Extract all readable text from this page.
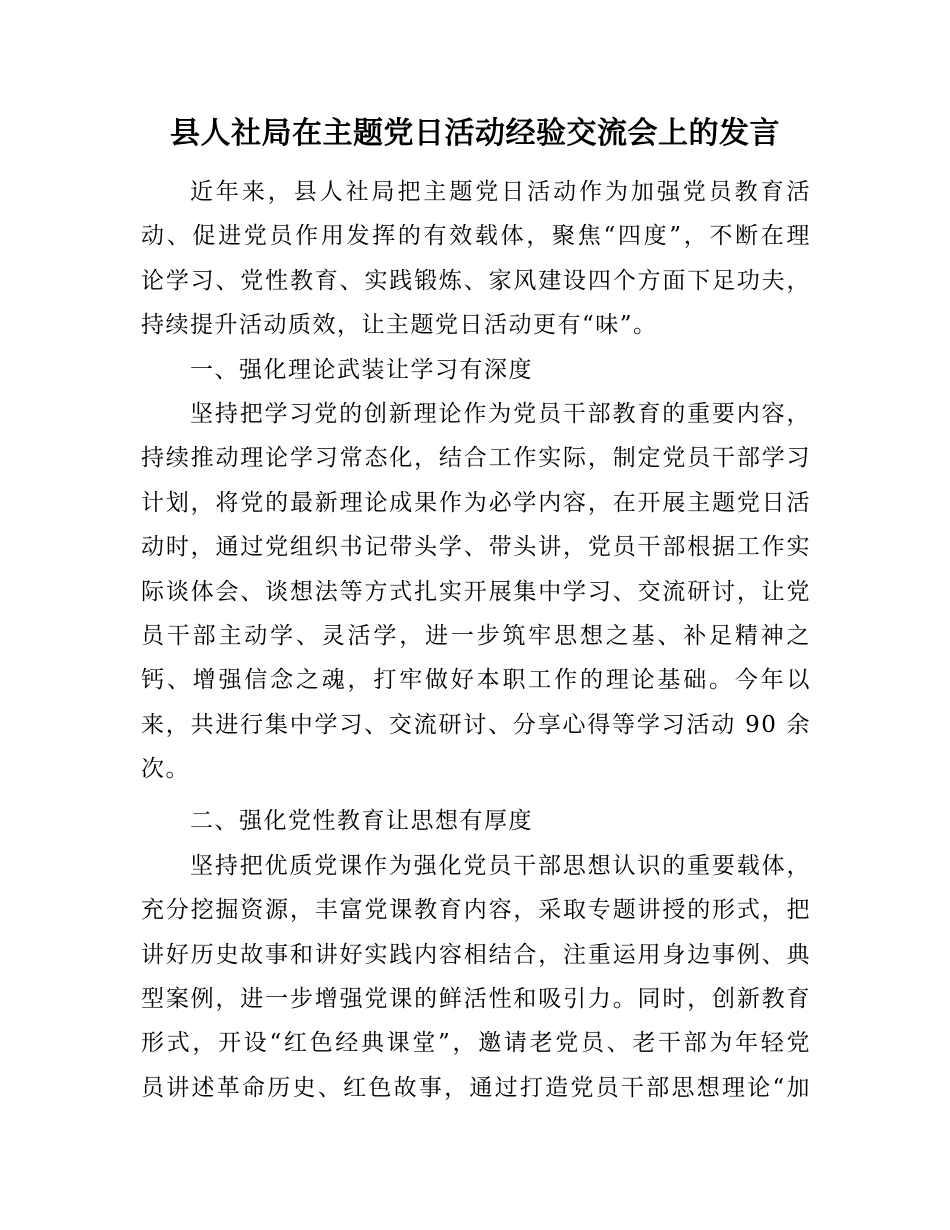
县人社局在主题党日活动经验交流会上的发言
近年来，县人社局把主题党日活动作为加强党员教育活
动、促进党员作用发挥的有效载体，聚焦“四度”，不断在理
论学习、党性教育、实践锻炼、家风建设四个方面下足功夫，
持续提升活动质效，让主题党日活动更有“味”。
一、强化理论武装让学习有深度
坚持把学习党的创新理论作为党员干部教育的重要内容，
持续推动理论学习常态化，结合工作实际，制定党员干部学习
计划，将党的最新理论成果作为必学内容，在开展主题党日活
动时，通过党组织书记带头学、带头讲，党员干部根据工作实
际谈体会、谈想法等方式扎实开展集中学习、交流研讨，让党
员干部主动学、灵活学，进一步筑牢思想之基、补足精神之
钙、增强信念之魂，打牢做好本职工作的理论基础。今年以
来，共进行集中学习、交流研讨、分享心得等学习活动 90 余
次。
二、强化党性教育让思想有厚度
坚持把优质党课作为强化党员干部思想认识的重要载体，
充分挖掘资源，丰富党课教育内容，采取专题讲授的形式，把
讲好历史故事和讲好实践内容相结合，注重运用身边事例、典
型案例，进一步增强党课的鲜活性和吸引力。同时，创新教育
形式，开设“红色经典课堂”，邀请老党员、老干部为年轻党
员讲述革命历史、红色故事，通过打造党员干部思想理论“加
